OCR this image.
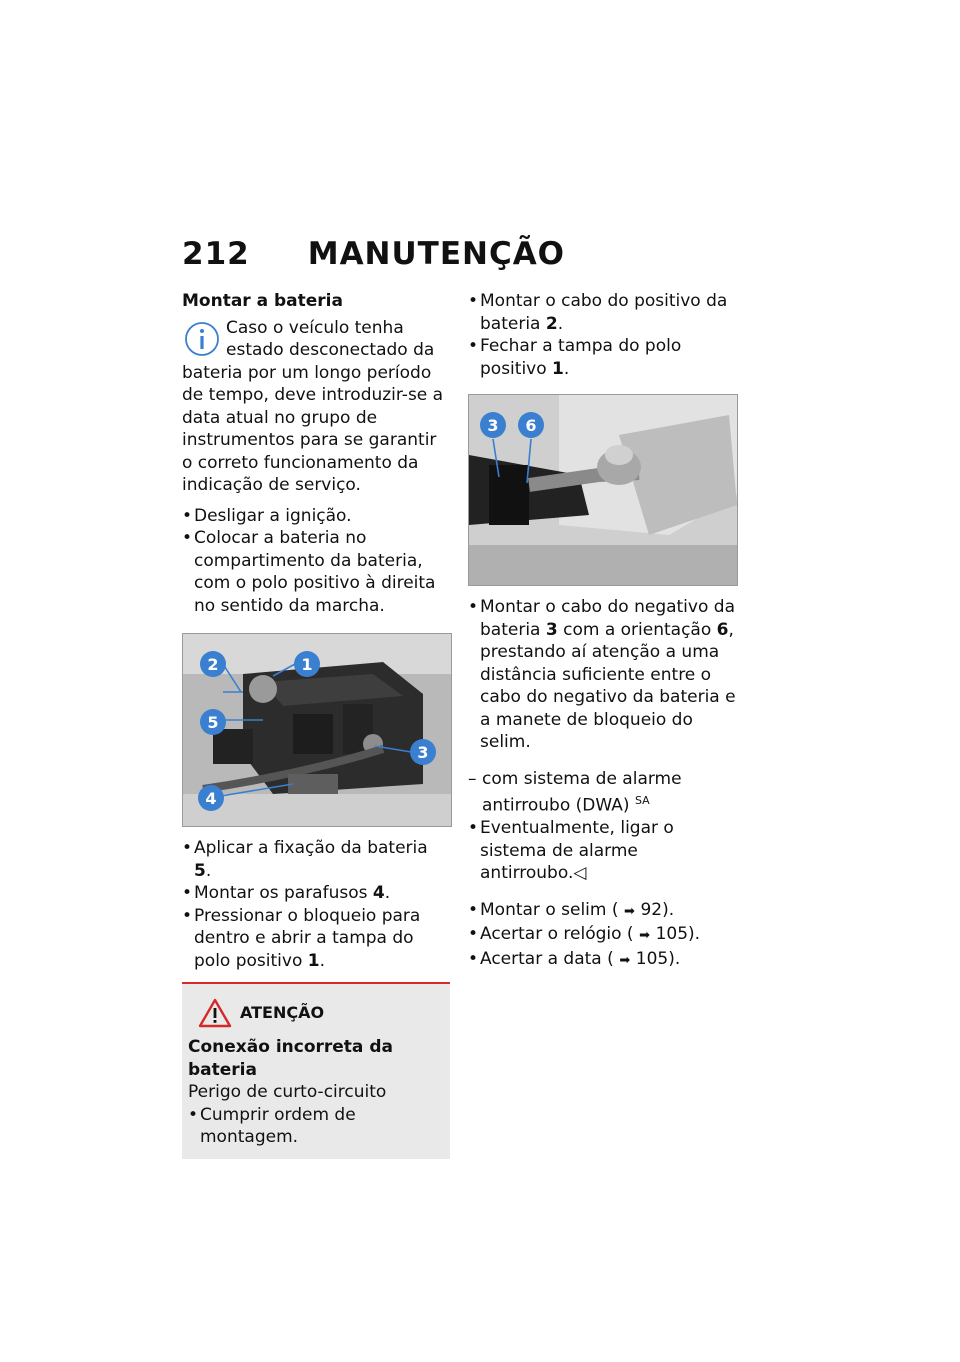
212 MANUTENÇÃO
Montar a bateria

Caso o veículo tenha estado desconectado da bateria por um longo período de tempo, deve introduzir-se a data atual no grupo de instrumentos para se garantir o correto funcionamento da indicação de serviço.

• Desligar a ignição.
• Colocar a bateria no compartimento da bateria, com o polo positivo à direita no sentido da marcha.
2	1
5
3
4
• Aplicar a fixação da bateria 5.
• Montar os parafusos 4.
• Pressionar o bloqueio para dentro e abrir a tampa do polo positivo 1.
ATENÇÃO

Conexão incorreta da bateria

Perigo de curto-circuito

• Cumprir ordem de montagem.
• Montar o cabo do positivo da bateria 2.
• Fechar a tampa do polo positivo 1.
3 6
• Montar o cabo do negativo da bateria 3 com a orientação 6, prestando aí atenção a uma distância suficiente entre o cabo do negativo da bateria e a manete de bloqueio do selim.
– com sistema de alarme antirroubo (DWA) $^{SA}$
• Eventualmente, ligar o sistema de alarme antirroubo.◁
• Montar o selim ( ➡ 92).
• Acertar o relógio ( ➡ 105).
• Acertar a data ( ➡ 105).
